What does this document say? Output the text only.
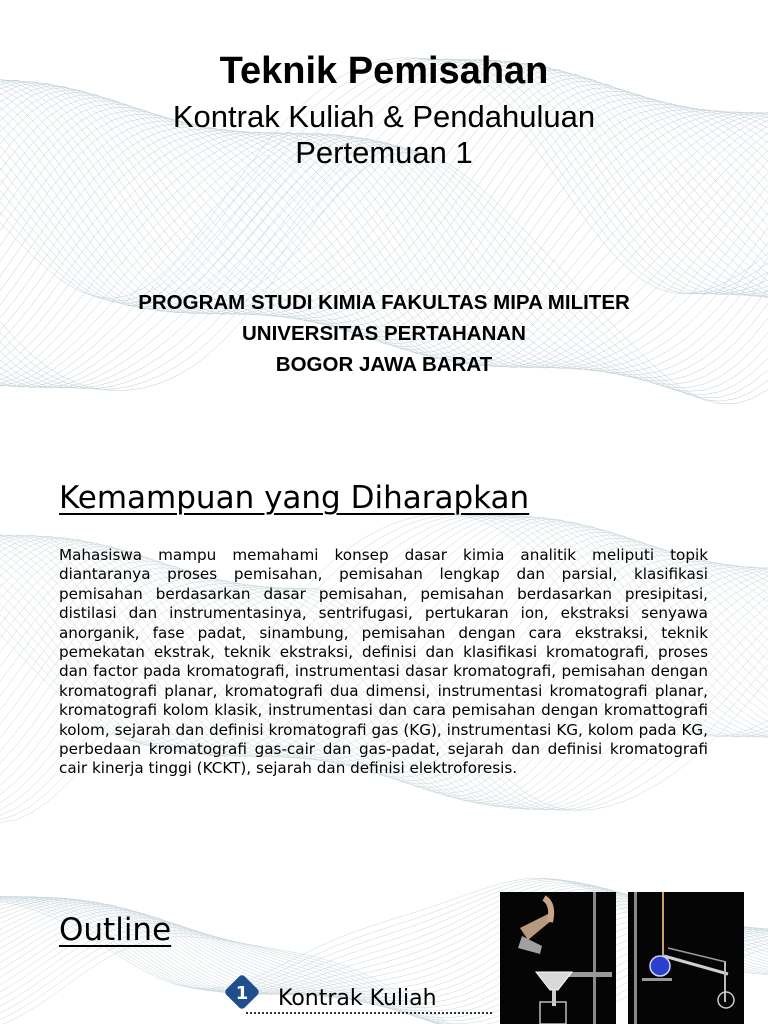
Teknik Pemisahan
Kontrak Kuliah & Pendahuluan
Pertemuan 1
PROGRAM STUDI KIMIA FAKULTAS MIPA MILITER
UNIVERSITAS PERTAHANAN
BOGOR JAWA BARAT
Kemampuan yang Diharapkan
Mahasiswa mampu memahami konsep dasar kimia analitik meliputi topik diantaranya proses pemisahan, pemisahan lengkap dan parsial, klasifikasi pemisahan berdasarkan dasar pemisahan, pemisahan berdasarkan presipitasi, distilasi dan instrumentasinya, sentrifugasi, pertukaran ion, ekstraksi senyawa anorganik, fase padat, sinambung, pemisahan dengan cara ekstraksi, teknik pemekatan ekstrak, teknik ekstraksi, definisi dan klasifikasi kromatografi, proses dan factor pada kromatografi, instrumentasi dasar kromatografi, pemisahan dengan kromatografi planar, kromatografi dua dimensi, instrumentasi kromatografi planar, kromatografi kolom klasik, instrumentasi dan cara pemisahan dengan kromattografi kolom, sejarah dan definisi kromatografi gas (KG), instrumentasi KG, kolom pada KG, perbedaan kromatografi gas-cair dan gas-padat, sejarah dan definisi kromatografi cair kinerja tinggi (KCKT), sejarah dan definisi elektroforesis.
Outline
1 Kontrak Kuliah
